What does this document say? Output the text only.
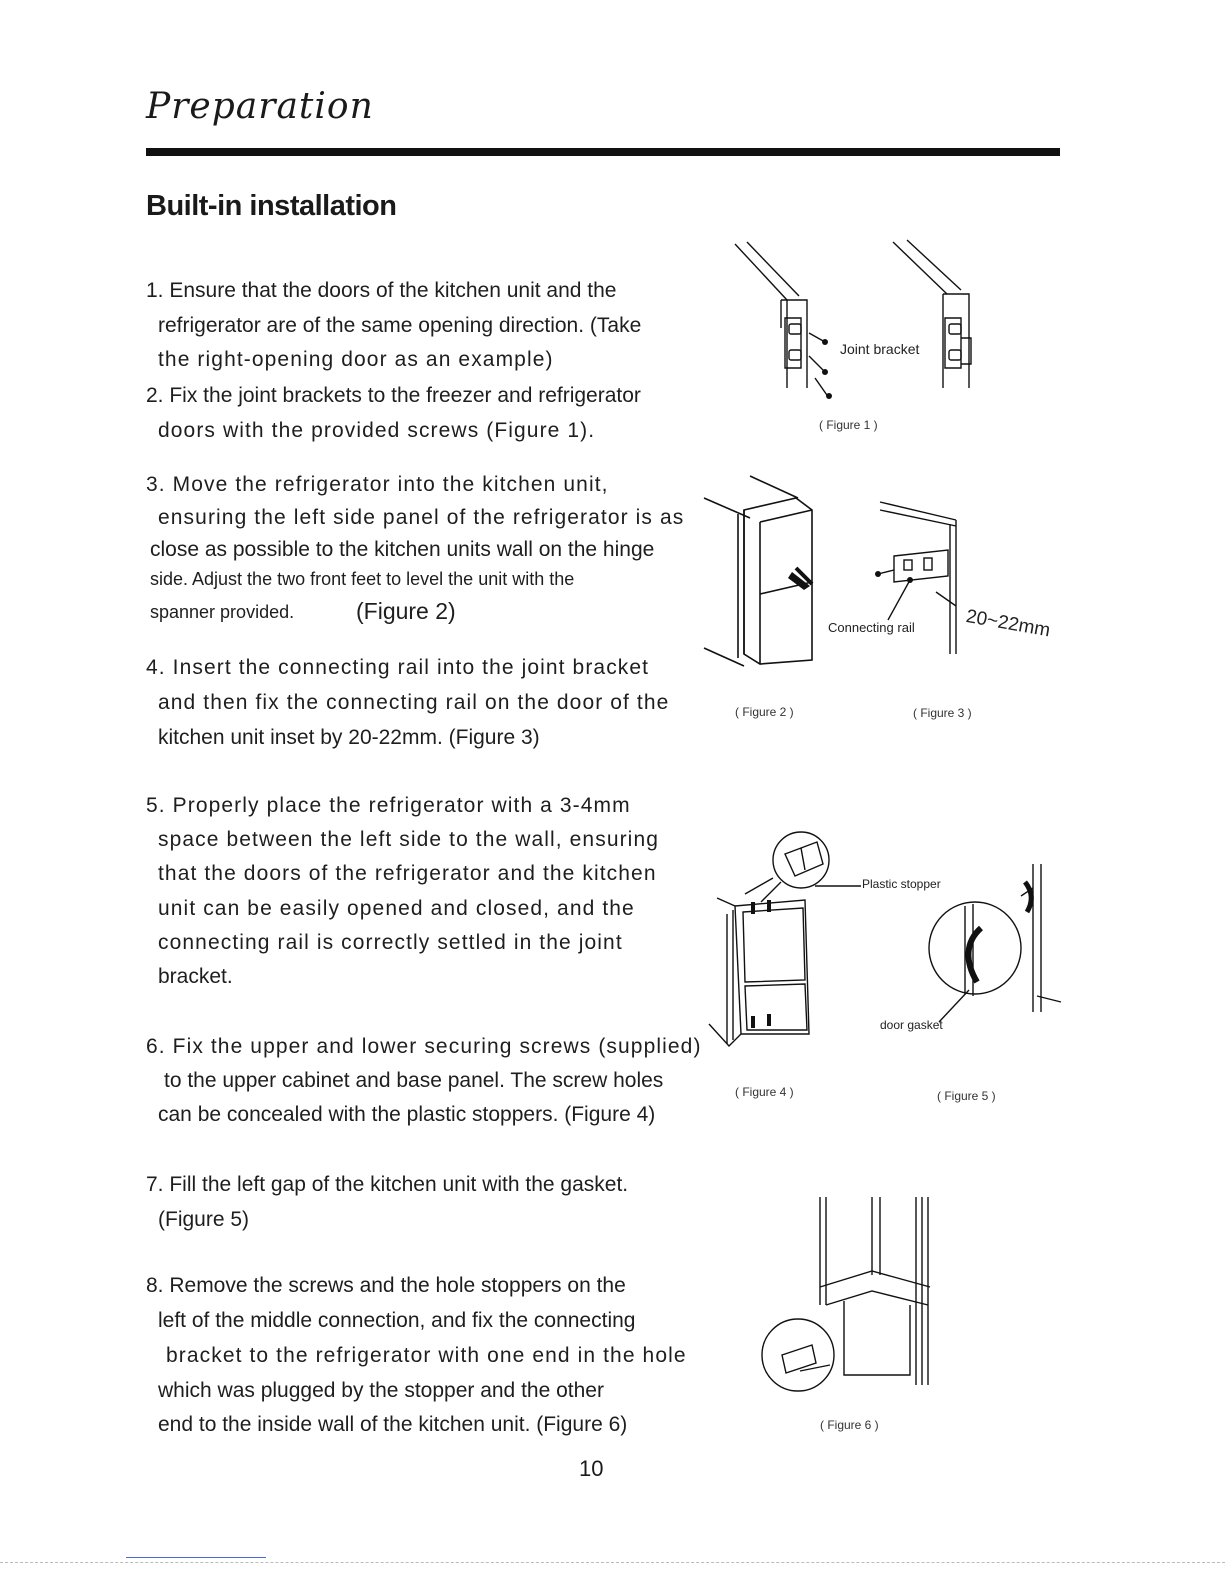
Preparation
Built-in installation
1. Ensure that the doors of the kitchen unit and the
refrigerator are of the same opening direction. (Take
the right-opening door as an example)
2. Fix the joint brackets to the freezer and refrigerator
doors with the provided screws (Figure 1).
3. Move the refrigerator into the kitchen unit,
ensuring the left side panel of the refrigerator is as
close as possible to the kitchen units wall on the hinge
side. Adjust the two front feet to level the unit with the
spanner provided.	(Figure 2)
4. Insert the connecting rail into the joint bracket
and then fix the connecting rail on the door of the
kitchen unit inset by 20-22mm. (Figure 3)
5. Properly place the refrigerator with a 3-4mm
space between the left side to the wall, ensuring
that the doors of the refrigerator and the kitchen
unit can be easily opened and closed, and the
connecting rail is correctly settled in the joint
bracket.
6. Fix the upper and lower securing screws (supplied)
to the upper cabinet and base panel. The screw holes
can be concealed with the plastic stoppers. (Figure 4)
7. Fill the left gap of the kitchen unit with the gasket.
(Figure 5)
8. Remove the screws and the hole stoppers on the
left of the middle connection, and fix the connecting
bracket to the refrigerator with one end in the hole
which was plugged by the stopper and the other
end to the inside wall of the kitchen unit. (Figure 6)
Joint bracket
( Figure 1 )
( Figure 2 )
Connecting rail	20~22mm
( Figure 3 )
Plastic stopper
( Figure 4 )
door gasket
( Figure 5 )
( Figure 6 )
10
